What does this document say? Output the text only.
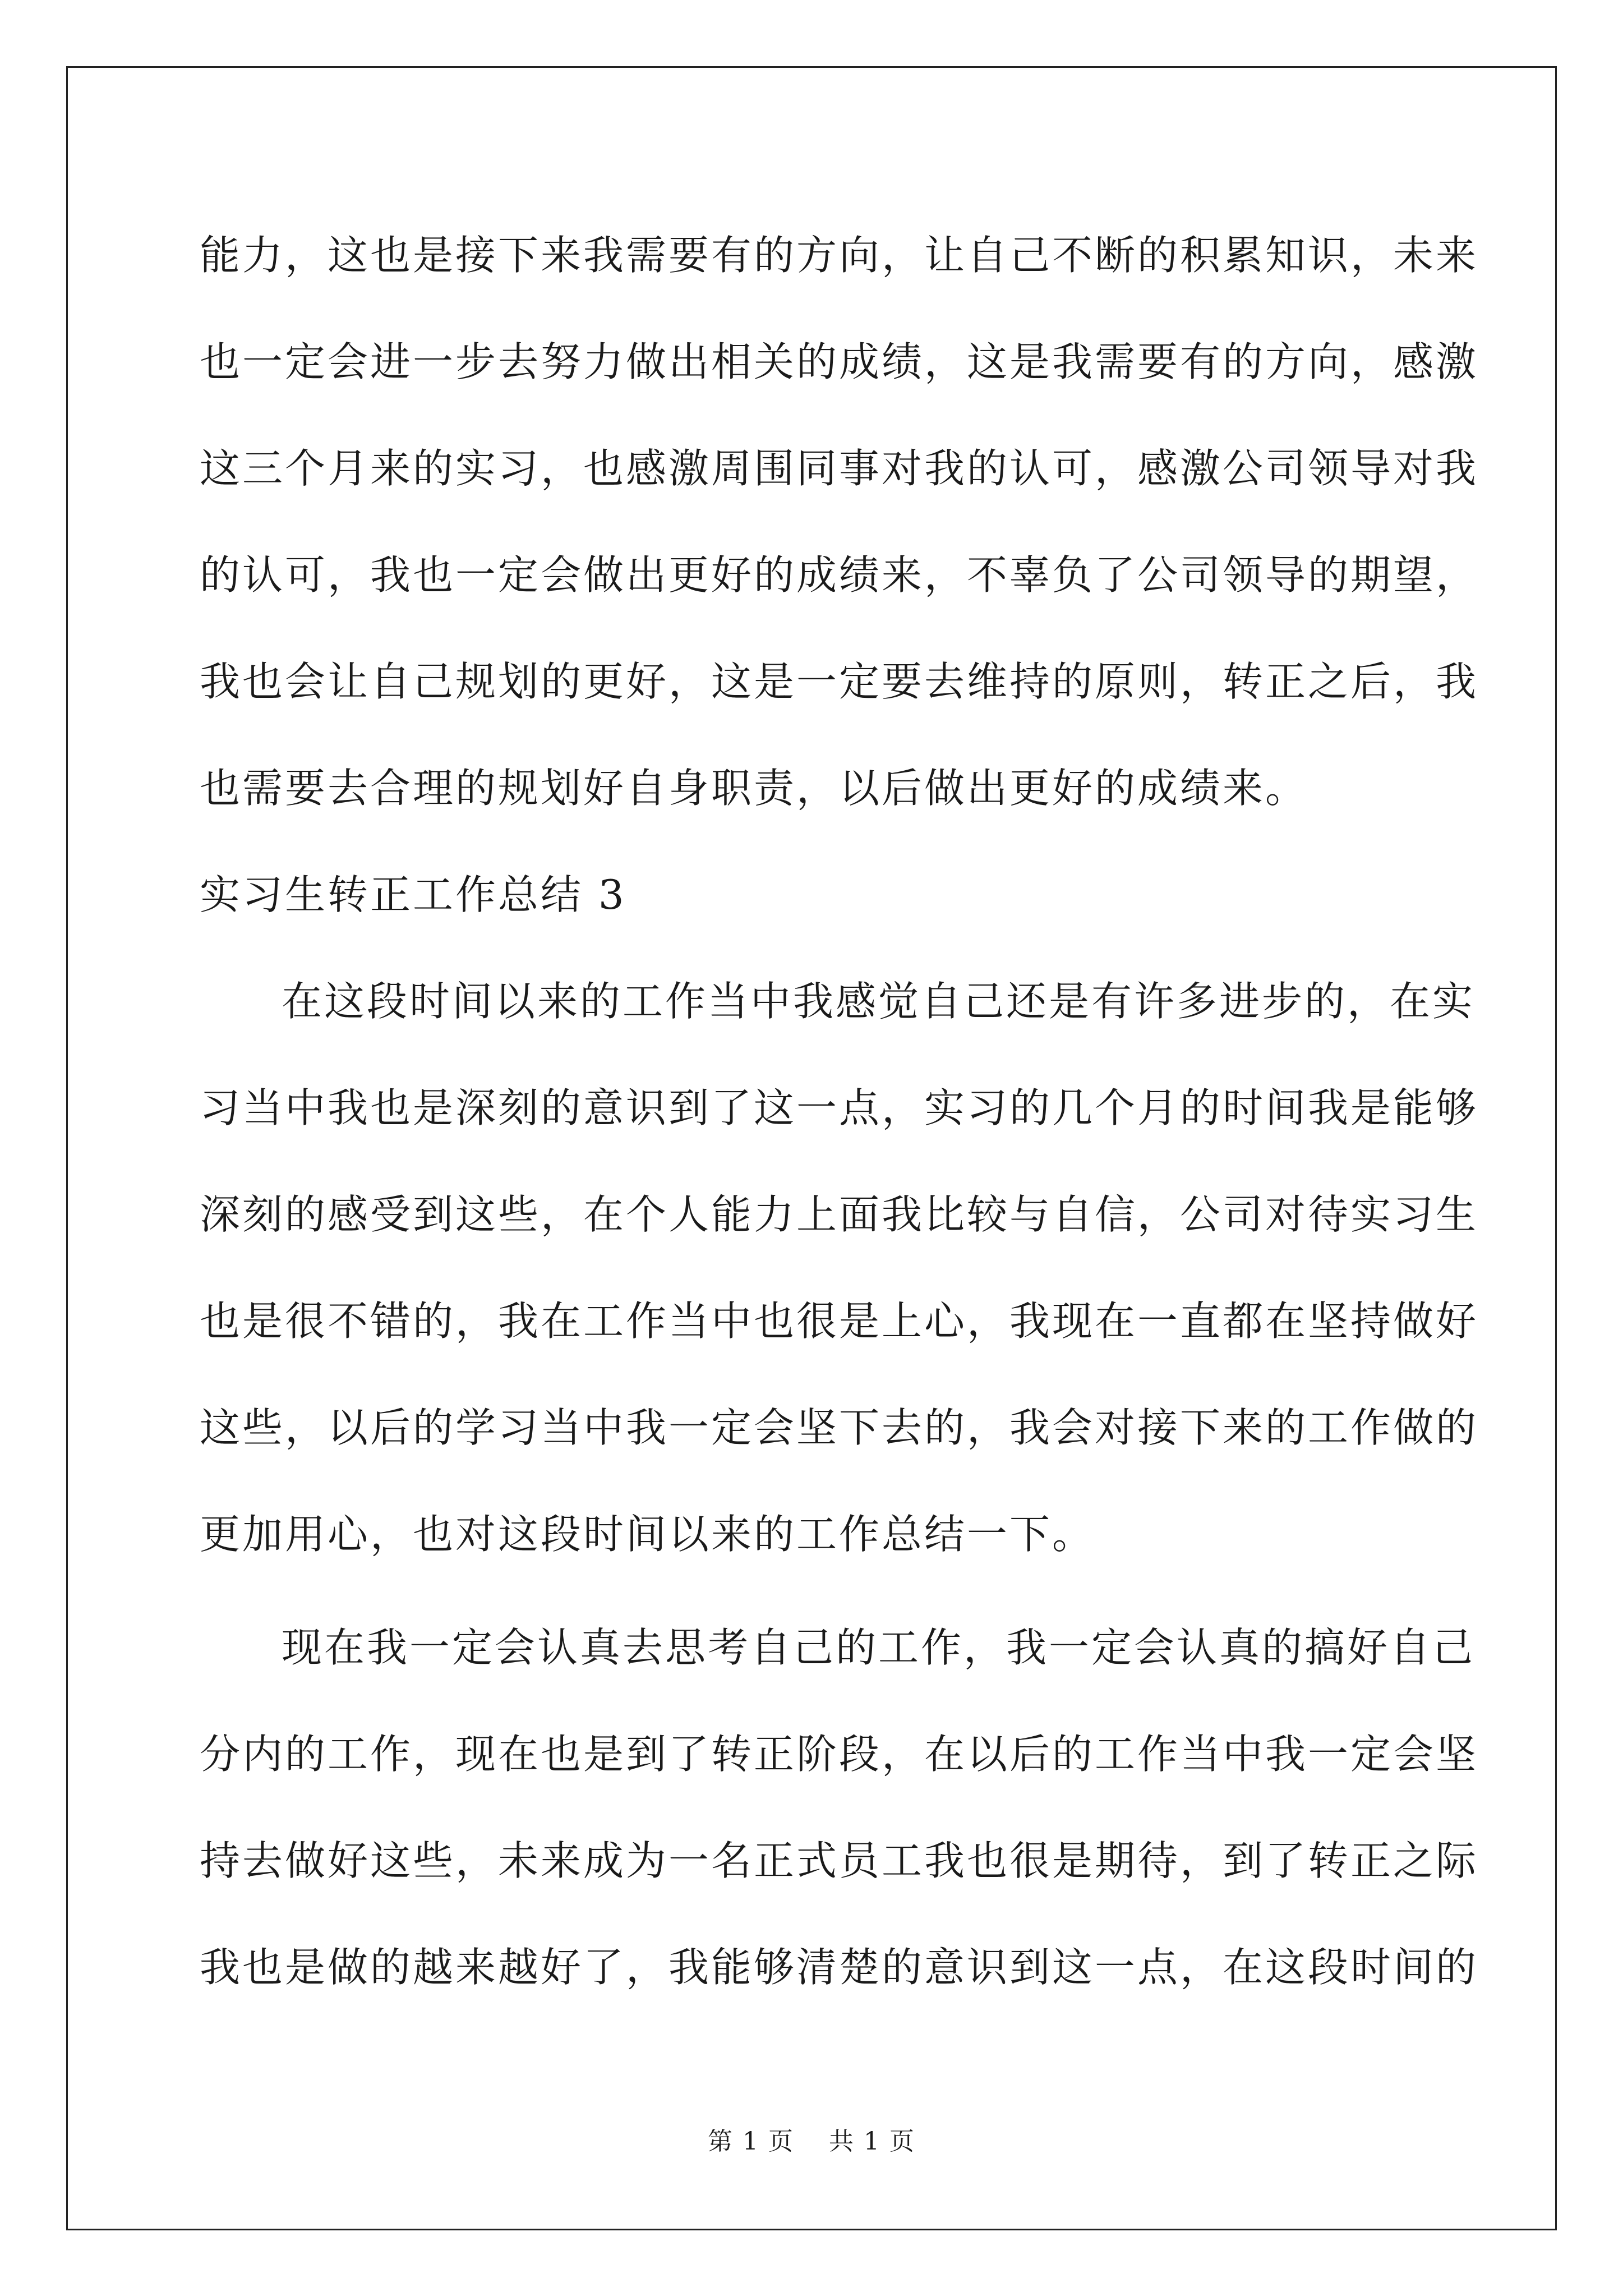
能力，这也是接下来我需要有的方向，让自己不断的积累知识，未来
也一定会进一步去努力做出相关的成绩，这是我需要有的方向，感激
这三个月来的实习，也感激周围同事对我的认可，感激公司领导对我
的认可，我也一定会做出更好的成绩来，不辜负了公司领导的期望，
我也会让自己规划的更好，这是一定要去维持的原则，转正之后，我
也需要去合理的规划好自身职责，以后做出更好的成绩来。
实习生转正工作总结 3
在这段时间以来的工作当中我感觉自己还是有许多进步的，在实
习当中我也是深刻的意识到了这一点，实习的几个月的时间我是能够
深刻的感受到这些，在个人能力上面我比较与自信，公司对待实习生
也是很不错的，我在工作当中也很是上心，我现在一直都在坚持做好
这些，以后的学习当中我一定会坚下去的，我会对接下来的工作做的
更加用心，也对这段时间以来的工作总结一下。
现在我一定会认真去思考自己的工作，我一定会认真的搞好自己
分内的工作，现在也是到了转正阶段，在以后的工作当中我一定会坚
持去做好这些，未来成为一名正式员工我也很是期待，到了转正之际
我也是做的越来越好了，我能够清楚的意识到这一点，在这段时间的
第 1 页　 共 1 页
